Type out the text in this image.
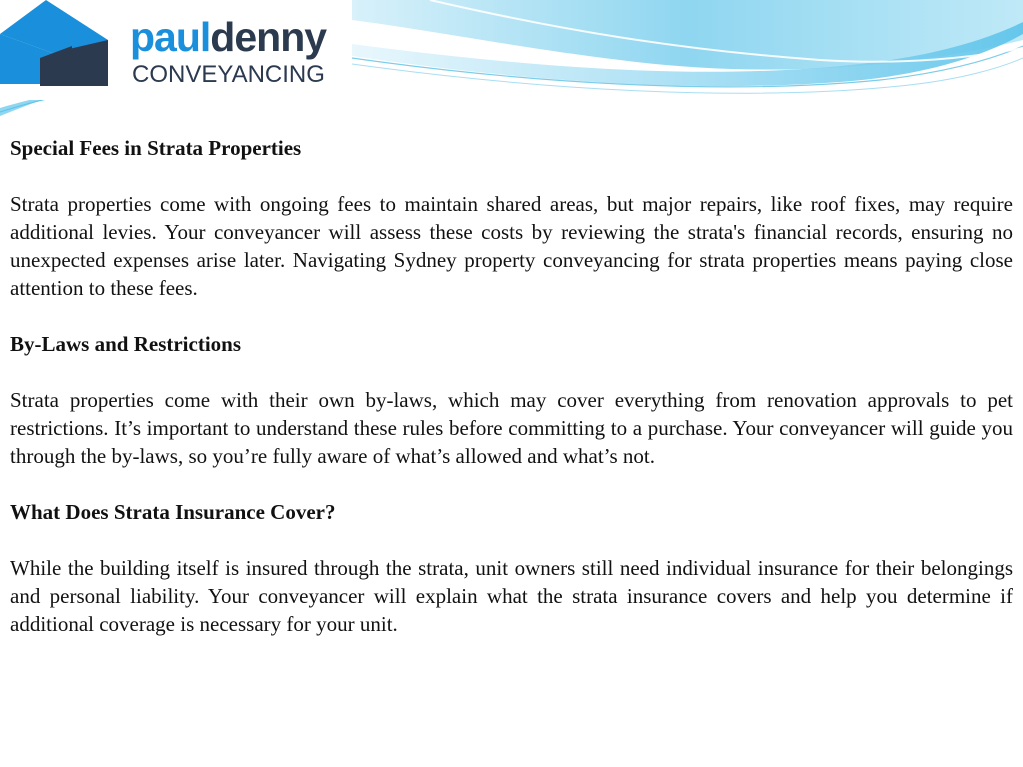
pauldenny
CONVEYANCING
Special Fees in Strata Properties
Strata properties come with ongoing fees to maintain shared areas, but major repairs, like roof fixes, may require additional levies. Your conveyancer will assess these costs by reviewing the strata's financial records, ensuring no unexpected expenses arise later. Navigating Sydney property conveyancing for strata properties means paying close attention to these fees.
By-Laws and Restrictions
Strata properties come with their own by-laws, which may cover everything from renovation approvals to pet restrictions. It’s important to understand these rules before committing to a purchase. Your conveyancer will guide you through the by-laws, so you’re fully aware of what’s allowed and what’s not.
What Does Strata Insurance Cover?
While the building itself is insured through the strata, unit owners still need individual insurance for their belongings and personal liability. Your conveyancer will explain what the strata insurance covers and help you determine if additional coverage is necessary for your unit.
